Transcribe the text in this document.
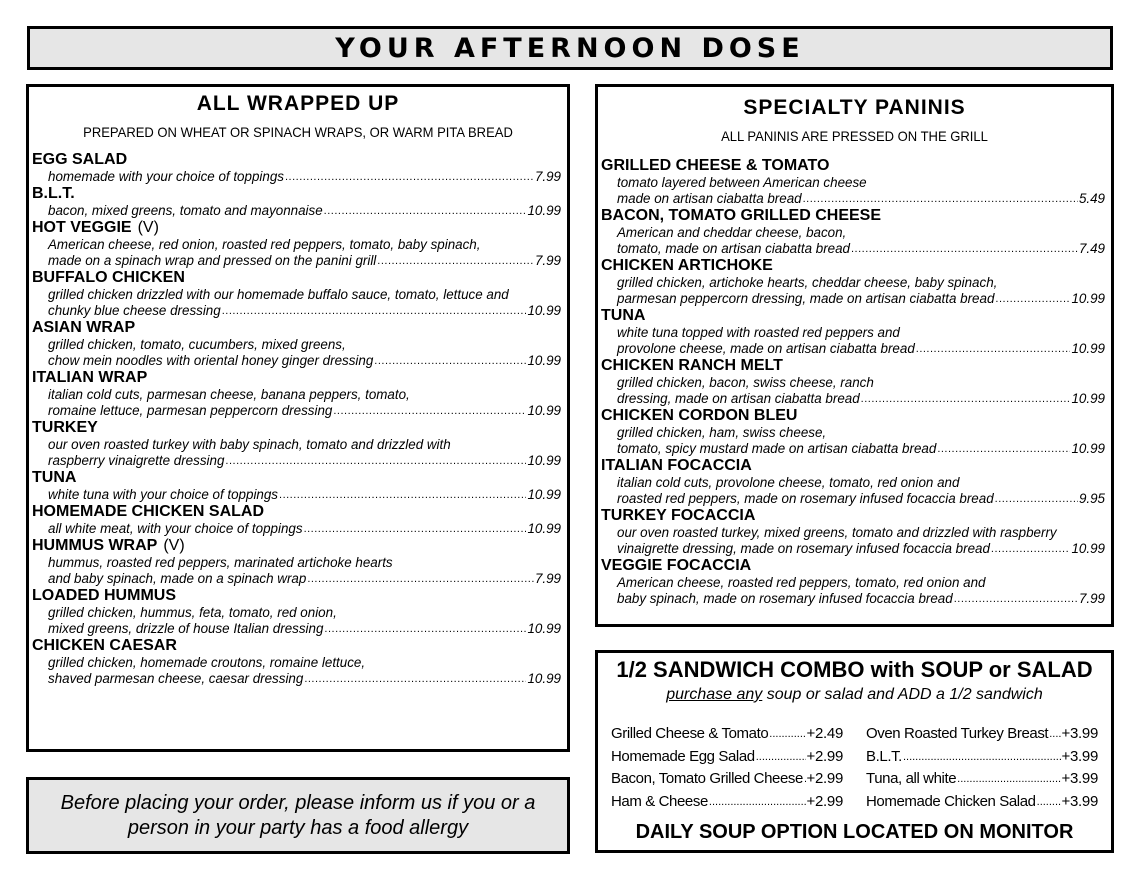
YOUR AFTERNOON DOSE
ALL WRAPPED UP
PREPARED ON WHEAT OR SPINACH WRAPS, OR WARM PITA BREAD
EGG SALAD
homemade with your choice of toppings .....	7.99
B.L.T.
bacon, mixed greens, tomato and mayonnaise .....	10.99
HOT VEGGIE (V)
American cheese, red onion, roasted red peppers, tomato, baby spinach,
made on a spinach wrap and pressed on the panini grill .....	7.99
BUFFALO CHICKEN
grilled chicken drizzled with our homemade buffalo sauce, tomato, lettuce and
chunky blue cheese dressing .....	10.99
ASIAN WRAP
grilled chicken, tomato, cucumbers, mixed greens,
chow mein noodles with oriental honey ginger dressing .....	10.99
ITALIAN WRAP
italian cold cuts, parmesan cheese, banana peppers, tomato,
romaine lettuce, parmesan peppercorn dressing .....	10.99
TURKEY
our oven roasted turkey with baby spinach, tomato and drizzled with
raspberry vinaigrette dressing .....	10.99
TUNA
white tuna with your choice of toppings .....	10.99
HOMEMADE CHICKEN SALAD
all white meat, with your choice of toppings .....	10.99
HUMMUS WRAP (V)
hummus, roasted red peppers, marinated artichoke hearts
and baby spinach, made on a spinach wrap .....	7.99
LOADED HUMMUS
grilled chicken, hummus, feta, tomato, red onion,
mixed greens, drizzle of house Italian dressing .....	10.99
CHICKEN CAESAR
grilled chicken, homemade croutons, romaine lettuce,
shaved parmesan cheese, caesar dressing .....	10.99
SPECIALTY PANINIS
ALL PANINIS ARE PRESSED ON THE GRILL
GRILLED CHEESE & TOMATO
tomato layered between American cheese
made on artisan ciabatta bread .....	5.49
BACON, TOMATO GRILLED CHEESE
American and cheddar cheese, bacon,
tomato, made on artisan ciabatta bread .....	7.49
CHICKEN ARTICHOKE
grilled chicken, artichoke hearts, cheddar cheese, baby spinach,
parmesan peppercorn dressing, made on artisan ciabatta bread .....	10.99
TUNA
white tuna topped with roasted red peppers and
provolone cheese, made on artisan ciabatta bread .....	10.99
CHICKEN RANCH MELT
grilled chicken, bacon, swiss cheese, ranch
dressing, made on artisan ciabatta bread .....	10.99
CHICKEN CORDON BLEU
grilled chicken, ham, swiss cheese,
tomato, spicy mustard made on artisan ciabatta bread .....	10.99
ITALIAN FOCACCIA
italian cold cuts, provolone cheese, tomato, red onion and
roasted red peppers, made on rosemary infused focaccia bread .....	9.95
TURKEY FOCACCIA
our oven roasted turkey, mixed greens, tomato and drizzled with raspberry
vinaigrette dressing, made on rosemary infused focaccia bread .....	10.99
VEGGIE FOCACCIA
American cheese, roasted red peppers, tomato, red onion and
baby spinach, made on rosemary infused focaccia bread .....	7.99
1/2 SANDWICH COMBO with SOUP or SALAD
purchase any soup or salad and ADD a 1/2 sandwich
Grilled Cheese & Tomato .....	+2.49
Homemade Egg Salad .....	+2.99
Bacon, Tomato Grilled Cheese ..... +2.99
Ham & Cheese .....	+2.99
Oven Roasted Turkey Breast ..... +3.99
B.L.T. .....	+3.99
Tuna, all white .....	+3.99
Homemade Chicken Salad ..... +3.99
DAILY SOUP OPTION LOCATED ON MONITOR
Before placing your order, please inform us if you or a person in your party has a food allergy
